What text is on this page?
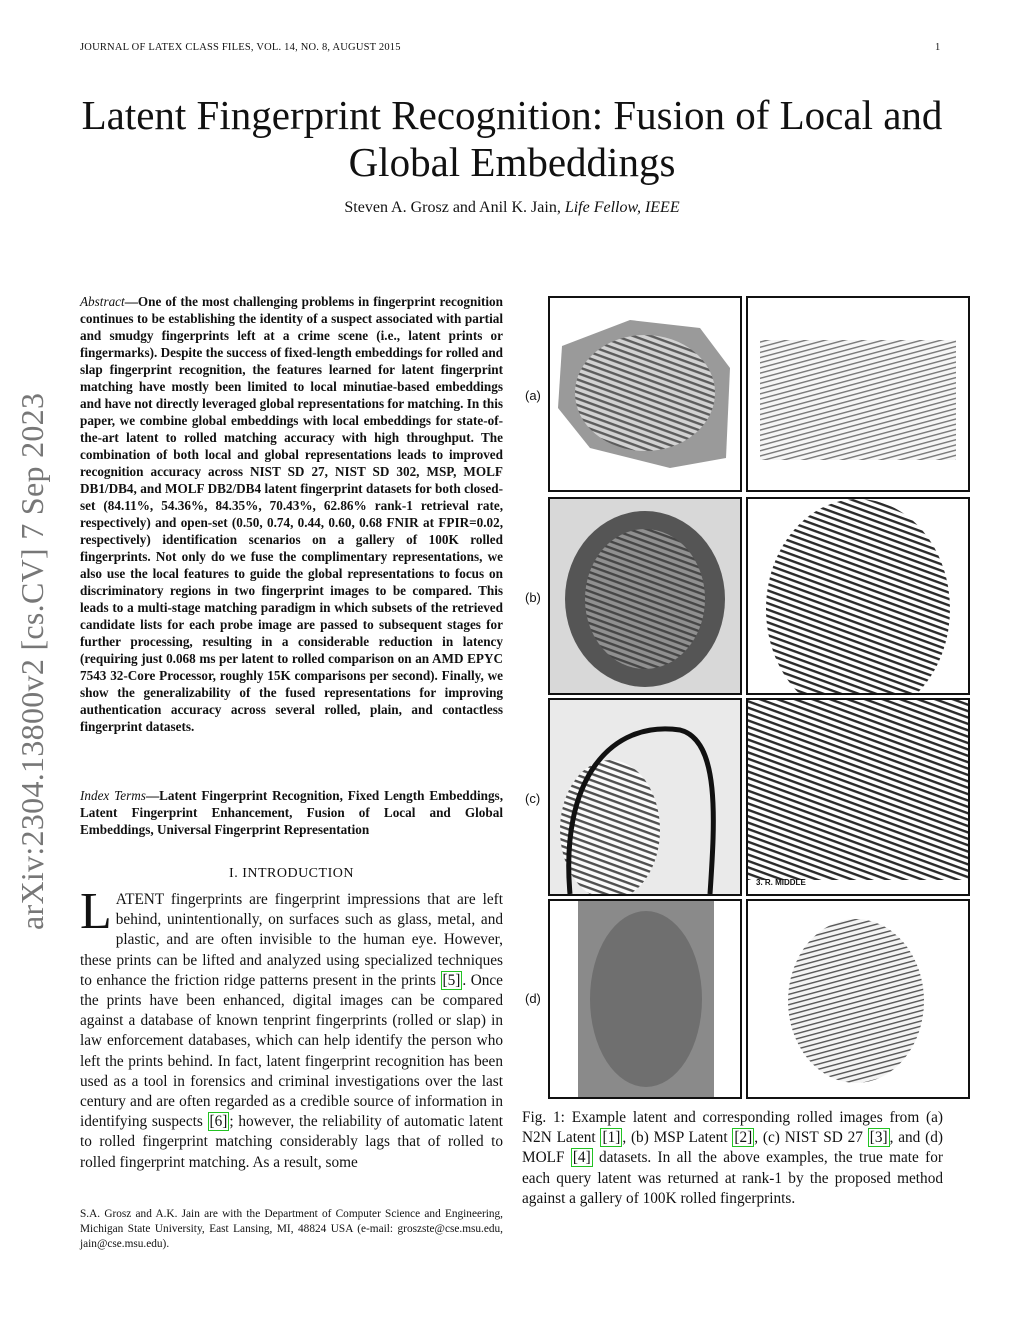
JOURNAL OF LATEX CLASS FILES, VOL. 14, NO. 8, AUGUST 2015	1
Latent Fingerprint Recognition: Fusion of Local and Global Embeddings
Steven A. Grosz and Anil K. Jain, Life Fellow, IEEE
arXiv:2304.13800v2 [cs.CV] 7 Sep 2023
Abstract—One of the most challenging problems in fingerprint recognition continues to be establishing the identity of a suspect associated with partial and smudgy fingerprints left at a crime scene (i.e., latent prints or fingermarks). Despite the success of fixed-length embeddings for rolled and slap fingerprint recognition, the features learned for latent fingerprint matching have mostly been limited to local minutiae-based embeddings and have not directly leveraged global representations for matching. In this paper, we combine global embeddings with local embeddings for state-of-the-art latent to rolled matching accuracy with high throughput. The combination of both local and global representations leads to improved recognition accuracy across NIST SD 27, NIST SD 302, MSP, MOLF DB1/DB4, and MOLF DB2/DB4 latent fingerprint datasets for both closed-set (84.11%, 54.36%, 84.35%, 70.43%, 62.86% rank-1 retrieval rate, respectively) and open-set (0.50, 0.74, 0.44, 0.60, 0.68 FNIR at FPIR=0.02, respectively) identification scenarios on a gallery of 100K rolled fingerprints. Not only do we fuse the complimentary representations, we also use the local features to guide the global representations to focus on discriminatory regions in two fingerprint images to be compared. This leads to a multi-stage matching paradigm in which subsets of the retrieved candidate lists for each probe image are passed to subsequent stages for further processing, resulting in a considerable reduction in latency (requiring just 0.068 ms per latent to rolled comparison on an AMD EPYC 7543 32-Core Processor, roughly 15K comparisons per second). Finally, we show the generalizability of the fused representations for improving authentication accuracy across several rolled, plain, and contactless fingerprint datasets.
Index Terms—Latent Fingerprint Recognition, Fixed Length Embeddings, Latent Fingerprint Enhancement, Fusion of Local and Global Embeddings, Universal Fingerprint Representation
I. INTRODUCTION
LATENT fingerprints are fingerprint impressions that are left behind, unintentionally, on surfaces such as glass, metal, and plastic, and are often invisible to the human eye. However, these prints can be lifted and analyzed using specialized techniques to enhance the friction ridge patterns present in the prints [5] . Once the prints have been enhanced, digital images can be compared against a database of known tenprint fingerprints (rolled or slap) in law enforcement databases, which can help identify the person who left the prints behind. In fact, latent fingerprint recognition has been used as a tool in forensics and criminal investigations over the last century and are often regarded as a credible source of information in identifying suspects [6] ; however, the reliability of automatic latent to rolled fingerprint matching considerably lags that of rolled to rolled fingerprint matching. As a result, some
S.A. Grosz and A.K. Jain are with the Department of Computer Science and Engineering, Michigan State University, East Lansing, MI, 48824 USA (e-mail: groszste@cse.msu.edu, jain@cse.msu.edu).
(a)
(b)
(c)
(d)
3. R. MIDDLE
Fig. 1: Example latent and corresponding rolled images from (a) N2N Latent [1] , (b) MSP Latent [2] , (c) NIST SD 27 [3] , and (d) MOLF [4] datasets. In all the above examples, the true mate for each query latent was returned at rank-1 by the proposed method against a gallery of 100K rolled fingerprints.
